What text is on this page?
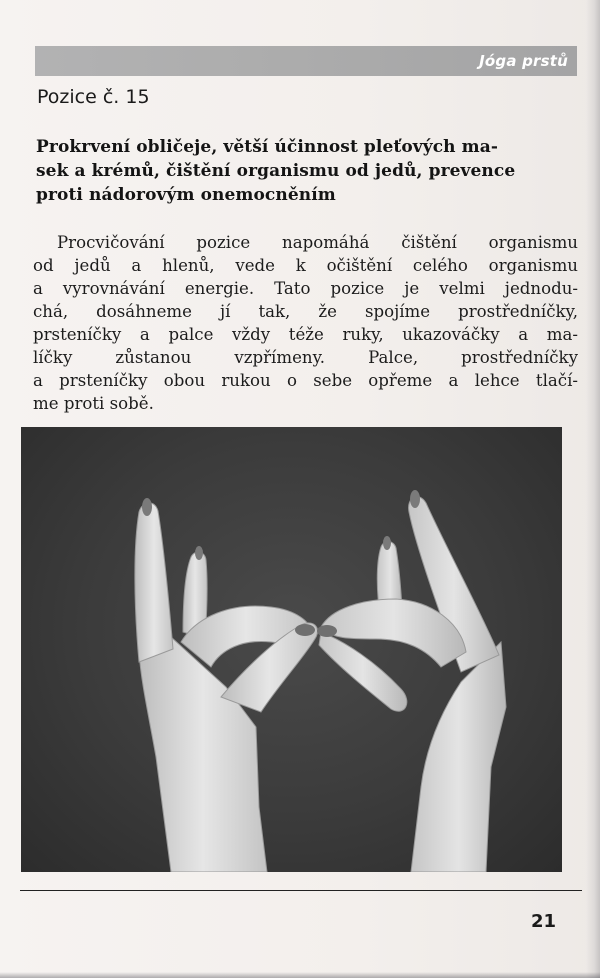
Jóga prstů
Pozice č. 15
Prokrvení obličeje, větší účinnost pleťových ma-
sek a krémů, čištění organismu od jedů, prevence
proti nádorovým onemocněním
Procvičování pozice napomáhá čištění organismu
od jedů a hlenů, vede k očištění celého organismu
a vyrovnávání energie. Tato pozice je velmi jednodu-
chá, dosáhneme jí tak, že spojíme prostředníčky,
prsteníčky a palce vždy téže ruky, ukazováčky a ma-
líčky zůstanou vzpřímeny. Palce, prostředníčky
a prsteníčky obou rukou o sebe opřeme a lehce tlačí-
me proti sobě.
21
